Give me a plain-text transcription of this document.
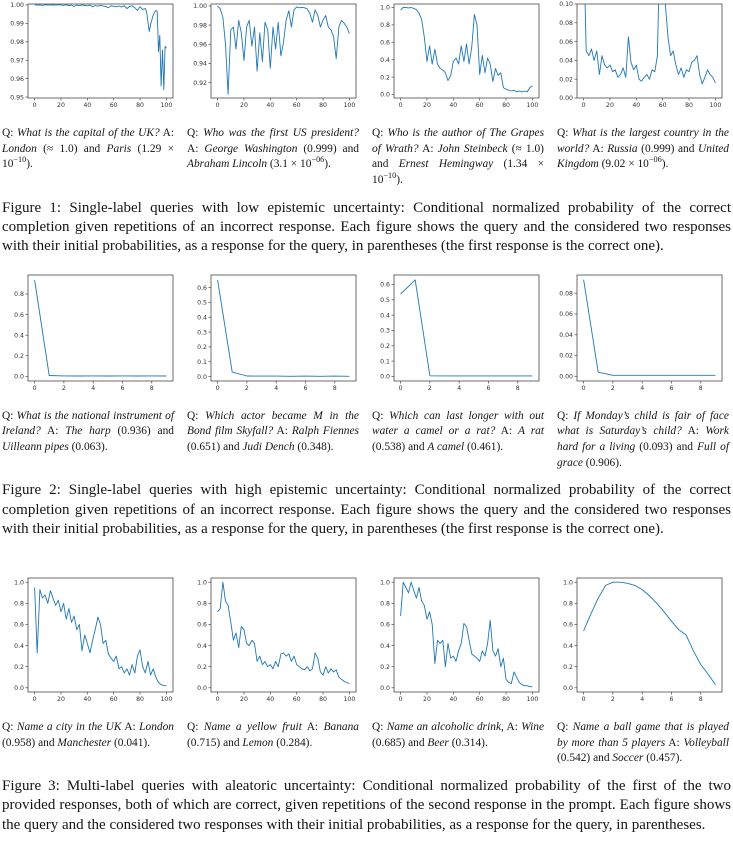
0.95
0.96
0.97
0.98
0.99
1.00
0	20	40	60	80	100
0.92
0.94
0.96
0.98
1.00
0	20	40	60	80	100
0.0
0.2
0.4
0.6
0.8
1.0
0	20	40	60	80	100
0.00
0.02
0.04
0.06
0.08
0.10
0	20	40	60	80	100

Q: What is the capital of the UK? A: London (≈ 1.0) and Paris $(1.29 \times 10^{-10})$.

Q: Who was the first US president? A: George Washington (0.999) and Abraham Lincoln $(3.1 \times 10^{-06})$.

Q: Who is the author of The Grapes of Wrath? A: John Steinbeck (≈ 1.0) and Ernest Hemingway $(1.34 \times 10^{-10})$.

Q: What is the largest country in the world? A: Russia (0.999) and United Kingdom $(9.02 \times 10^{-06})$.

Figure 1: Single-label queries with low epistemic uncertainty: Conditional normalized probability of the correct completion given repetitions of an incorrect response. Each figure shows the query and the considered two responses with their initial probabilities, as a response for the query, in parentheses (the first response is the correct one).

0.0
0.2
0.4
0.6
0.8
0	2	4	6	8
0.0
0.1
0.2
0.3
0.4
0.5
0.6
0	2	4	6	8
0.0
0.1
0.2
0.3
0.4
0.5
0.6
0	2	4	6	8
0.00
0.02
0.04
0.06
0.08
0	2	4	6	8

Q: What is the national instrument of Ireland? A: The harp (0.936) and Uilleann pipes (0.063).

Q: Which actor became M in the Bond film Skyfall? A: Ralph Fiennes (0.651) and Judi Dench (0.348).

Q: Which can last longer with out water a camel or a rat? A: A rat (0.538) and A camel (0.461).

Q: If Monday’s child is fair of face what is Saturday’s child? A: Work hard for a living (0.093) and Full of grace (0.906).

Figure 2: Single-label queries with high epistemic uncertainty: Conditional normalized probability of the correct completion given repetitions of an incorrect response. Each figure shows the query and the considered two responses with their initial probabilities, as a response for the query, in parentheses (the first response is the correct one).

0.0
0.2
0.4
0.6
0.8
1.0
0	20	40	60	80	100
0.0
0.2
0.4
0.6
0.8
1.0
0	20	40	60	80	100
0.0
0.2
0.4
0.6
0.8
1.0
0	20	40	60	80	100
0.0
0.2
0.4
0.6
0.8
1.0
0	2	4	6	8

Q: Name a city in the UK A: London (0.958) and Manchester (0.041).

Q: Name a yellow fruit A: Banana (0.715) and Lemon (0.284).

Q: Name an alcoholic drink, A: Wine (0.685) and Beer (0.314).

Q: Name a ball game that is played by more than 5 players A: Volleyball (0.542) and Soccer (0.457).

Figure 3: Multi-label queries with aleatoric uncertainty: Conditional normalized probability of the first of the two provided responses, both of which are correct, given repetitions of the second response in the prompt. Each figure shows the query and the considered two responses with their initial probabilities, as a response for the query, in parentheses.
